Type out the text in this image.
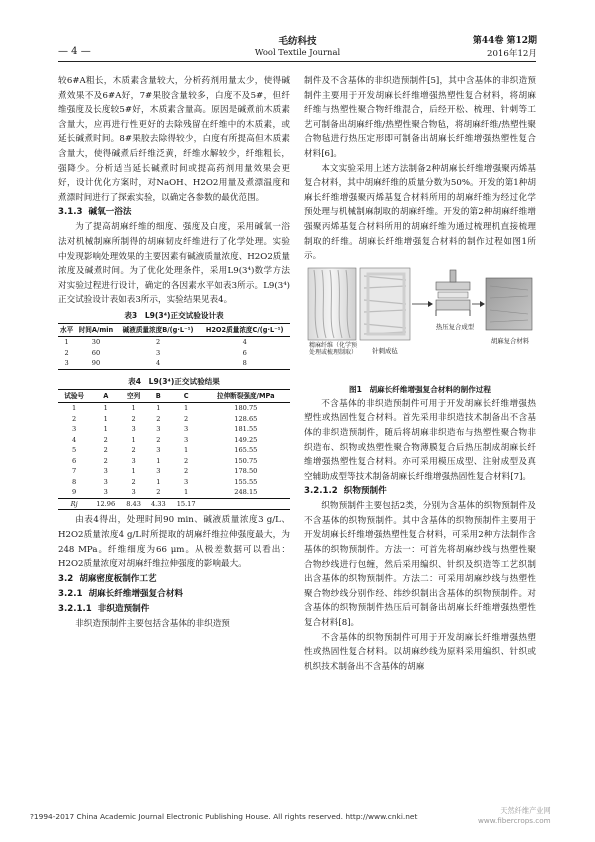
— 4 —
毛纺科技
Wool Textile Journal
第44卷 第12期
2016年12月

较6#A粗长，木质素含量较大，分析药剂用量太少，使得碱煮效果不及6#A好，7#果胶含量较多，白度不及5#，但纤维强度及长度较5#好，木质素含量高。原因是碱煮前木质素含量大，应再进行性更好的去除残留在纤维中的木质素，或延长碱煮时间。8#果胶去除得较少，白度有所提高但木质素含量大，使得碱煮后纤维泛黄，纤维水解较少，纤维粗长，强降少。分析适当延长碱煮时间或提高药剂用量效果会更好，设计优化方案时，对NaOH、H2O2用量及煮漂温度和煮漂时间进行了探索实验，以确定各参数的最优范围。

3.1.3 碱氧一浴法

为了提高胡麻纤维的细度、强度及白度，采用碱氧一浴法对机械制麻所制得的胡麻韧皮纤维进行了化学处理。实验中发现影响处理效果的主要因素有碱液质量浓度、H2O2质量浓度及碱煮时间。为了优化处理条件，采用L9(3⁴)数学方法对实验过程进行设计，确定的各因素水平如表3所示。L9(3⁴)正交试验设计表如表3所示，实验结果见表4。

表3　L9(3⁴)正交试验设计表
水平	时间A/min	碱液质量浓度B/(g·L⁻¹)	H2O2质量浓度C/(g·L⁻¹)
1	30	2	4
2	60	3	6
3	90	4	8
表4　L9(3⁴)正交试验结果
试验号	A	空列	B	C	拉伸断裂强度/MPa
1	1	1	1	1	180.75
2	1	2	2	2	128.65
3	1	3	3	3	181.55
4	2	1	2	3	149.25
5	2	2	3	1	165.55
6	2	3	1	2	150.75
7	3	1	3	2	178.50
8	3	2	1	3	155.55
9	3	3	2	1	248.15
Rj	12.96	8.43	4.33	15.17	

由表4得出，处理时间90 min、碱液质量浓度3 g/L、H2O2质量浓度4 g/L时所提取的胡麻纤维拉伸强度最大，为248 MPa。纤维细度为66 μm。从极差数据可以看出：H2O2质量浓度对胡麻纤维拉伸强度的影响最大。

3.2 胡麻密度板制作工艺
3.2.1 胡麻长纤维增强复合材料
3.2.1.1 非织造预制件

非织造预制件主要包括含基体的非织造预

制件及不含基体的非织造预制件[5]，其中含基体的非织造预制件主要用于开发胡麻长纤维增强热塑性复合材料，将胡麻纤维与热塑性聚合物纤维混合，后经开松、梳理、针刺等工艺可制备出胡麻纤维/热塑性聚合物毡，将胡麻纤维/热塑性聚合物毡进行热压定形即可制备出胡麻长纤维增强热塑性复合材料[6]。

本文实验采用上述方法制备2种胡麻长纤维增强聚丙烯基复合材料，其中胡麻纤维的质量分数为50%。开发的第1种胡麻长纤维增强聚丙烯基复合材料所用的胡麻纤维为经过化学预处理与机械制麻制取的胡麻纤维。开发的第2种胡麻纤维增强聚丙烯基复合材料所用的胡麻纤维为通过梳理机直接梳理制取的纤维。胡麻长纤维增强复合材料的制作过程如图1所示。

精麻纤维（化学预处理或梳理制取）	针刺成毡
热压复合成型
胡麻复合材料
图1　胡麻长纤维增强复合材料的制作过程

不含基体的非织造预制件可用于开发胡麻长纤维增强热塑性或热固性复合材料。首先采用非织造技术制备出不含基体的非织造预制件，随后将胡麻非织造布与热塑性聚合物非织造布、织物或热塑性聚合物薄膜复合后热压制成胡麻长纤维增强热塑性复合材料。亦可采用模压成型、注射成型及真空辅助成型等技术制备胡麻长纤维增强热固性复合材料[7]。

3.2.1.2 织物预制件

织物预制件主要包括2类，分别为含基体的织物预制件及不含基体的织物预制件。其中含基体的织物预制件主要用于开发胡麻长纤维增强热塑性复合材料，可采用2种方法制作含基体的织物预制件。方法一：可首先将胡麻纱线与热塑性聚合物纱线进行包缠，然后采用编织、针织及织造等工艺织制出含基体的织物预制件。方法二：可采用胡麻纱线与热塑性聚合物纱线分别作经、纬纱织制出含基体的织物预制件。对含基体的织物预制件热压后可制备出胡麻长纤维增强热塑性复合材料[8]。

不含基体的织物预制件可用于开发胡麻长纤维增强热塑性或热固性复合材料。以胡麻纱线为原料采用编织、针织或机织技术制备出不含基体的胡麻

?1994-2017 China Academic Journal Electronic Publishing House. All rights reserved. http://www.cnki.net
天然纤维产业网
www.fibercrops.com
